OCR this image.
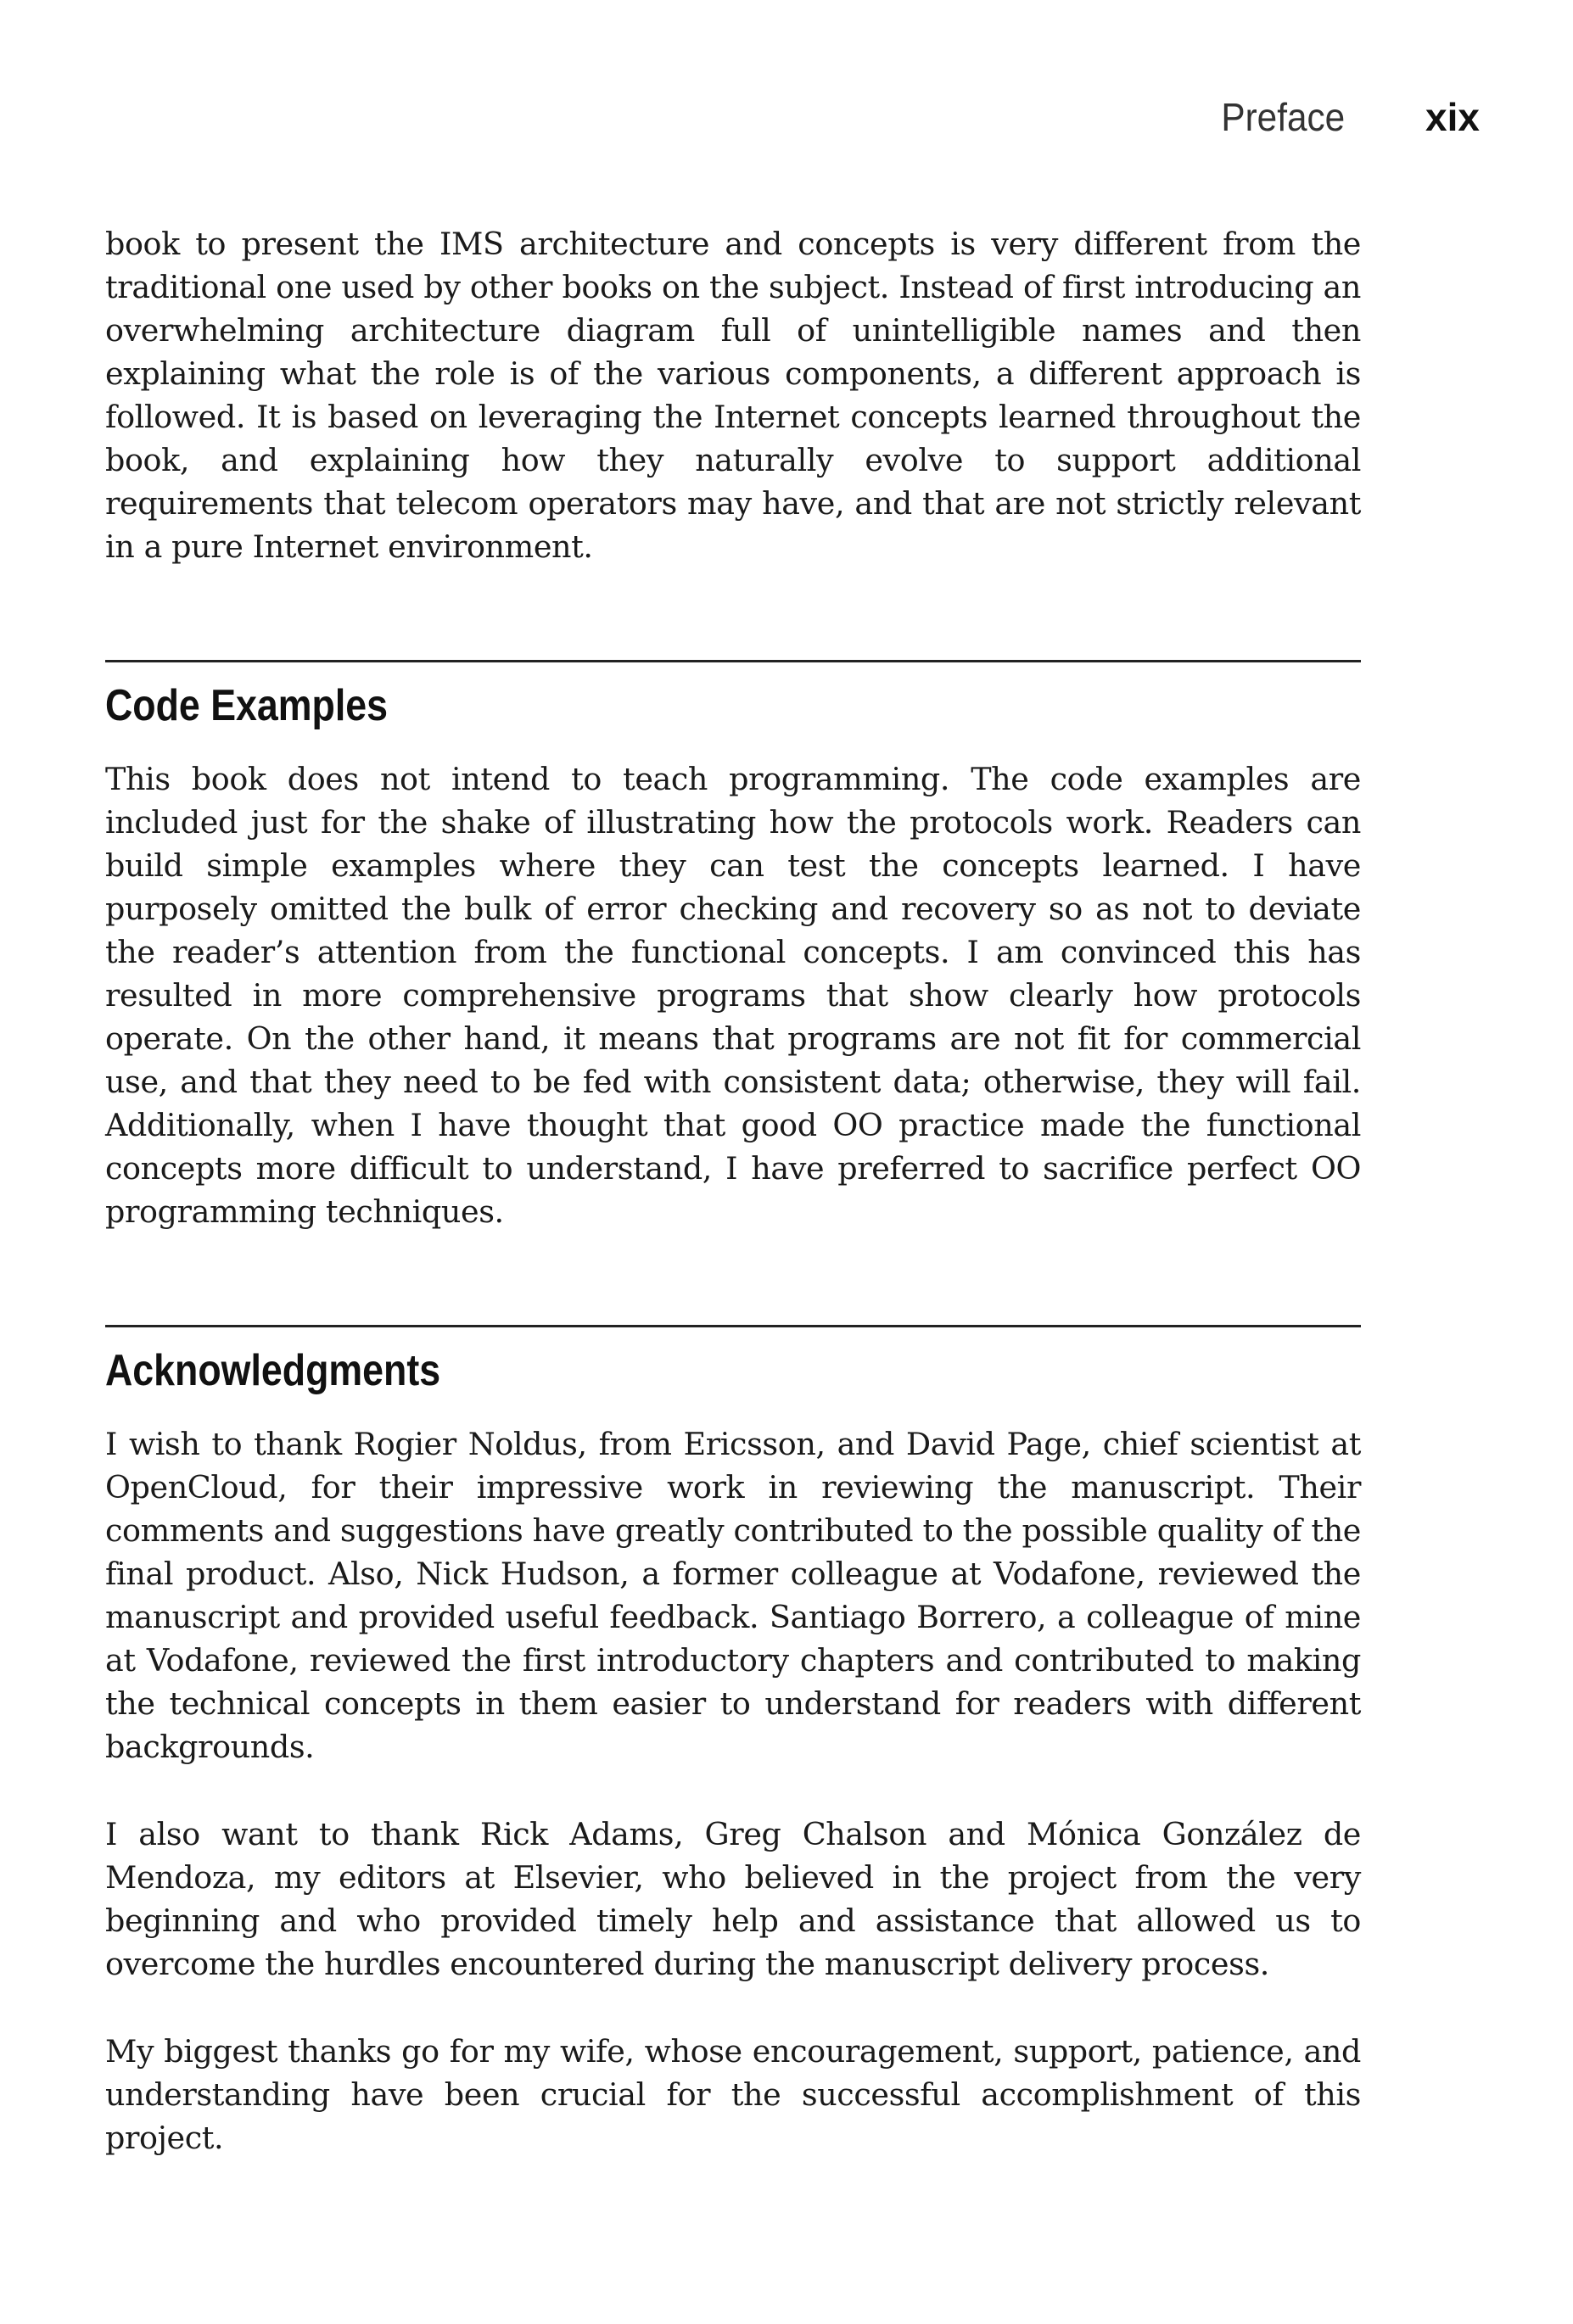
Preface xix

book to present the IMS architecture and concepts is very different from the traditional one used by other books on the subject. Instead of first introducing an overwhelming architecture diagram full of unintelligible names and then explaining what the role is of the various components, a different approach is followed. It is based on leveraging the Internet concepts learned throughout the book, and explaining how they naturally evolve to support additional requirements that telecom operators may have, and that are not strictly relevant in a pure Internet environment.

Code Examples

This book does not intend to teach programming. The code examples are included just for the shake of illustrating how the protocols work. Readers can build simple examples where they can test the concepts learned. I have purposely omitted the bulk of error checking and recovery so as not to deviate the reader’s attention from the functional concepts. I am convinced this has resulted in more comprehensive programs that show clearly how protocols operate. On the other hand, it means that programs are not fit for commercial use, and that they need to be fed with consistent data; otherwise, they will fail. Additionally, when I have thought that good OO practice made the functional concepts more difficult to understand, I have preferred to sacrifice perfect OO programming techniques.

Acknowledgments

I wish to thank Rogier Noldus, from Ericsson, and David Page, chief scientist at OpenCloud, for their impressive work in reviewing the manuscript. Their comments and suggestions have greatly contributed to the possible quality of the final product. Also, Nick Hudson, a former colleague at Vodafone, reviewed the manuscript and provided useful feedback. Santiago Borrero, a colleague of mine at Vodafone, reviewed the first introductory chapters and contributed to making the technical concepts in them easier to understand for readers with different backgrounds.

I also want to thank Rick Adams, Greg Chalson and Mónica González de Mendoza, my editors at Elsevier, who believed in the project from the very beginning and who provided timely help and assistance that allowed us to overcome the hurdles encountered during the manuscript delivery process.

My biggest thanks go for my wife, whose encouragement, support, patience, and understanding have been crucial for the successful accomplishment of this project.
